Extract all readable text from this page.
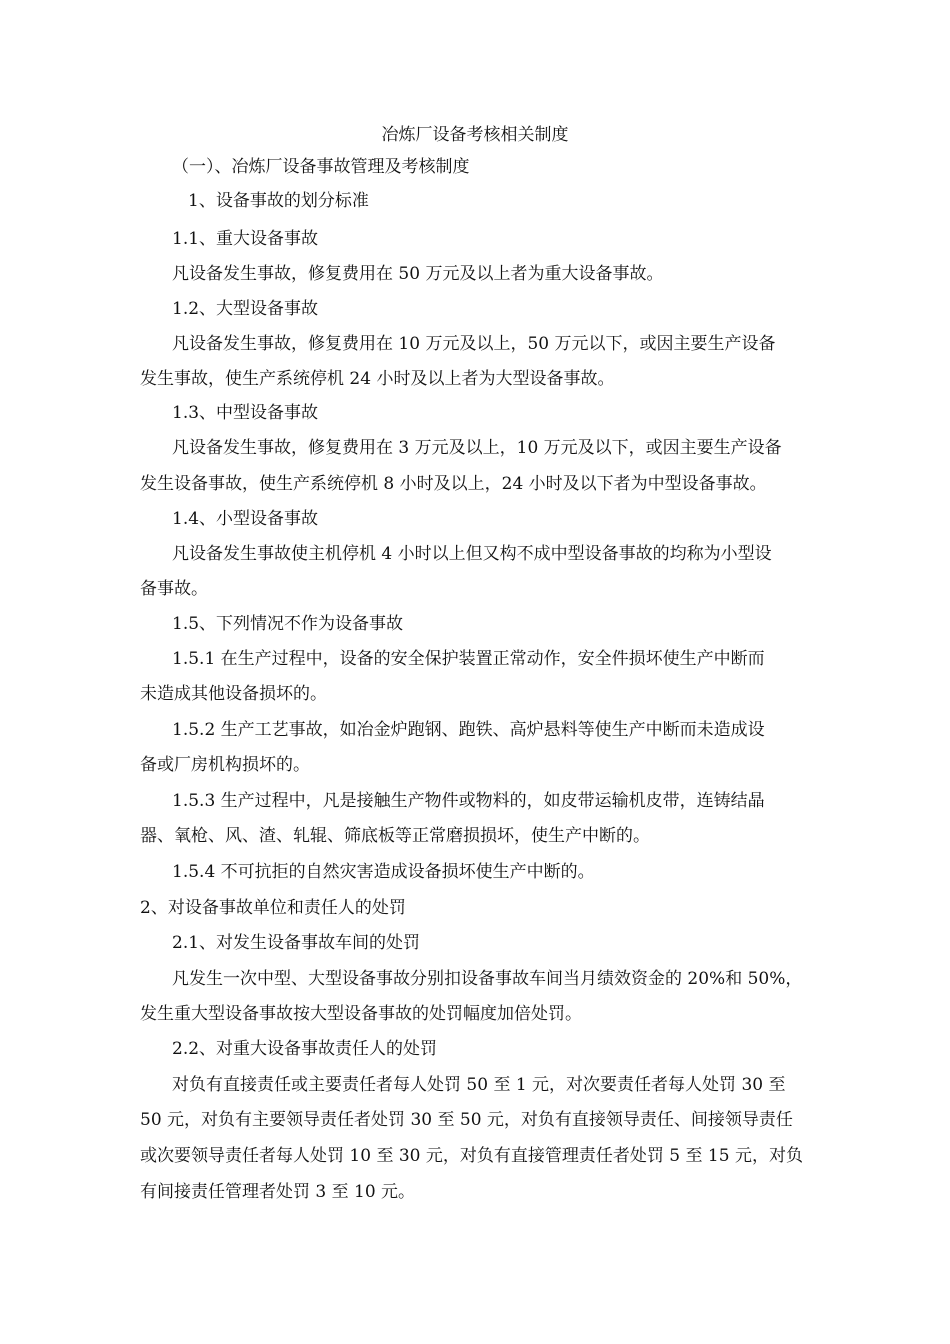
冶炼厂设备考核相关制度
（一）、冶炼厂设备事故管理及考核制度
1、设备事故的划分标准
1.1、重大设备事故
凡设备发生事故，修复费用在 50 万元及以上者为重大设备事故。
1.2、大型设备事故
凡设备发生事故，修复费用在 10 万元及以上，50 万元以下，或因主要生产设备
发生事故，使生产系统停机 24 小时及以上者为大型设备事故。
1.3、中型设备事故
凡设备发生事故，修复费用在 3 万元及以上，10 万元及以下，或因主要生产设备
发生设备事故，使生产系统停机 8 小时及以上，24 小时及以下者为中型设备事故。
1.4、小型设备事故
凡设备发生事故使主机停机 4 小时以上但又构不成中型设备事故的均称为小型设
备事故。
1.5、下列情况不作为设备事故
1.5.1 在生产过程中，设备的安全保护装置正常动作，安全件损坏使生产中断而
未造成其他设备损坏的。
1.5.2 生产工艺事故，如冶金炉跑钢、跑铁、高炉悬料等使生产中断而未造成设
备或厂房机构损坏的。
1.5.3 生产过程中，凡是接触生产物件或物料的，如皮带运输机皮带，连铸结晶
器、氧枪、风、渣、轧辊、筛底板等正常磨损损坏，使生产中断的。
1.5.4 不可抗拒的自然灾害造成设备损坏使生产中断的。
2、对设备事故单位和责任人的处罚
2.1、对发生设备事故车间的处罚
凡发生一次中型、大型设备事故分别扣设备事故车间当月绩效资金的 20%和 50%，
发生重大型设备事故按大型设备事故的处罚幅度加倍处罚。
2.2、对重大设备事故责任人的处罚
对负有直接责任或主要责任者每人处罚 50 至 1 元，对次要责任者每人处罚 30 至
50 元，对负有主要领导责任者处罚 30 至 50 元，对负有直接领导责任、间接领导责任
或次要领导责任者每人处罚 10 至 30 元，对负有直接管理责任者处罚 5 至 15 元，对负
有间接责任管理者处罚 3 至 10 元。
